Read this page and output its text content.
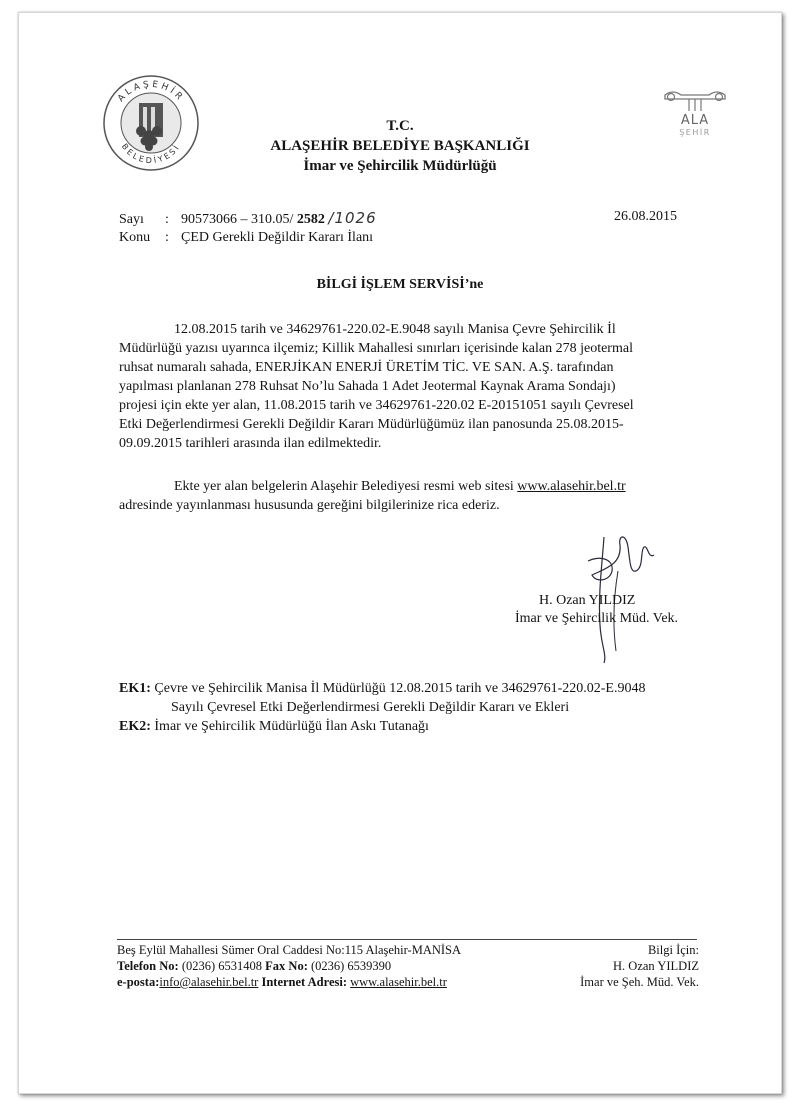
ALAŞEHİR
BELEDİYESİ
ALA
ŞEHİR
T.C.
ALAŞEHİR BELEDİYE BAŞKANLIĞI
İmar ve Şehircilik Müdürlüğü
Sayı : 90573066 – 310.05/ 2582 /1026
Konu : ÇED Gerekli Değildir Kararı İlanı
26.08.2015
BİLGİ İŞLEM SERVİSİ’ne
12.08.2015 tarih ve 34629761-220.02-E.9048 sayılı Manisa Çevre Şehircilik İl
Müdürlüğü yazısı uyarınca ilçemiz; Killik Mahallesi sınırları içerisinde kalan 278 jeotermal
ruhsat numaralı sahada, ENERJİKAN ENERJİ ÜRETİM TİC. VE SAN. A.Ş. tarafından
yapılması planlanan 278 Ruhsat No’lu Sahada 1 Adet Jeotermal Kaynak Arama Sondajı)
projesi için ekte yer alan, 11.08.2015 tarih ve 34629761-220.02 E-20151051 sayılı Çevresel
Etki Değerlendirmesi Gerekli Değildir Kararı Müdürlüğümüz ilan panosunda 25.08.2015-
09.09.2015 tarihleri arasında ilan edilmektedir.
Ekte yer alan belgelerin Alaşehir Belediyesi resmi web sitesi www.alasehir.bel.tr
adresinde yayınlanması hususunda gereğini bilgilerinize rica ederiz.
H. Ozan YILDIZ
İmar ve Şehircilik Müd. Vek.
EK1: Çevre ve Şehircilik Manisa İl Müdürlüğü 12.08.2015 tarih ve 34629761-220.02-E.9048
Sayılı Çevresel Etki Değerlendirmesi Gerekli Değildir Kararı ve Ekleri
EK2: İmar ve Şehircilik Müdürlüğü İlan Askı Tutanağı
Beş Eylül Mahallesi Sümer Oral Caddesi No:115 Alaşehir-MANİSA
Telefon No: (0236) 6531408 Fax No: (0236) 6539390
e-posta:info@alasehir.bel.tr Internet Adresi: www.alasehir.bel.tr
Bilgi İçin:
H. Ozan YILDIZ
İmar ve Şeh. Müd. Vek.
